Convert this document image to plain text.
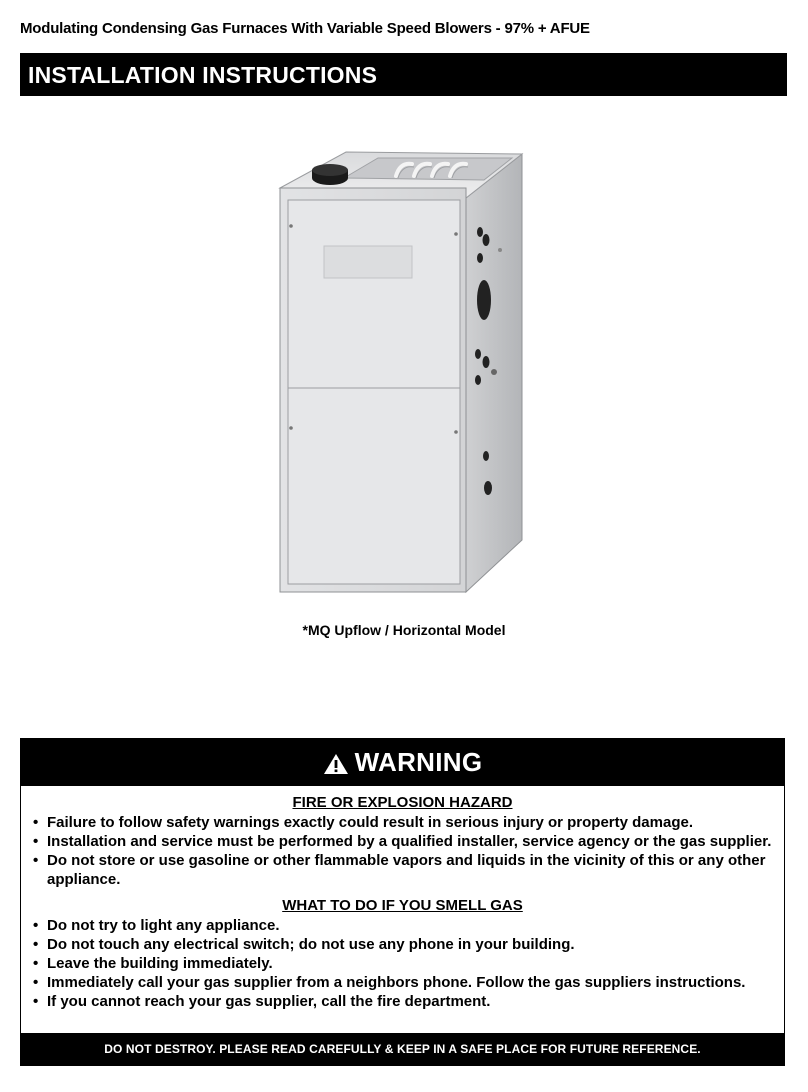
Modulating Condensing Gas Furnaces With Variable Speed Blowers - 97% + AFUE
INSTALLATION INSTRUCTIONS
*MQ Upflow / Horizontal Model
WARNING
FIRE OR EXPLOSION HAZARD
• Failure to follow safety warnings exactly could result in serious injury or property damage.
• Installation and service must be performed by a qualified installer, service agency or the gas supplier.
• Do not store or use gasoline or other flammable vapors and liquids in the vicinity of this or any other appliance.
WHAT TO DO IF YOU SMELL GAS
• Do not try to light any appliance.
• Do not touch any electrical switch; do not use any phone in your building.
• Leave the building immediately.
• Immediately call your gas supplier from a neighbors phone. Follow the gas suppliers instructions.
• If you cannot reach your gas supplier, call the fire department.
DO NOT DESTROY. PLEASE READ CAREFULLY & KEEP IN A SAFE PLACE FOR FUTURE REFERENCE.
